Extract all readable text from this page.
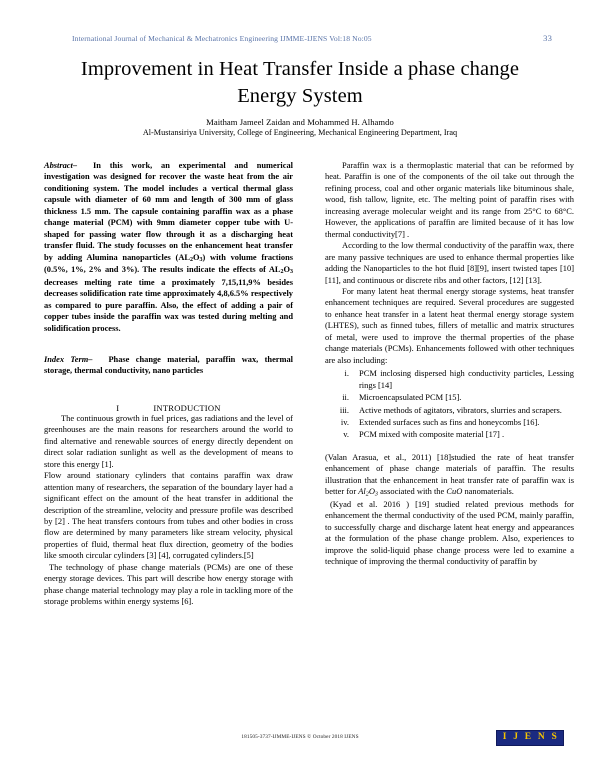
International Journal of Mechanical & Mechatronics Engineering IJMME-IJENS Vol:18 No:05	33
Improvement in Heat Transfer Inside a phase change
Energy System
Maitham Jameel Zaidan and Mohammed H. Alhamdo
Al-Mustansiriya University, College of Engineering, Mechanical Engineering Department, Iraq

Abstract– In this work, an experimental and numerical investigation was designed for recover the waste heat from the air conditioning system. The model includes a vertical thermal glass capsule with diameter of 60 mm and length of 300 mm of glass thickness 1.5 mm. The capsule containing paraffin wax as a phase change material (PCM) with 9mm diameter copper tube with U-shaped for passing water flow through it as a discharging heat transfer fluid. The study focusses on the enhancement heat transfer by adding Alumina nanoparticles $(AL_2O_3)$ with volume fractions (0.5%, 1%, 2% and 3%). The results indicate the effects of $AL_2O_3$ decreases melting rate time a proximately 7,15,11,9% besides decreases solidification rate time approximately 4,8,6.5% respectively as compared to pure paraffin. Also, the effect of adding a pair of copper tubes inside the paraffin wax was tested during melting and solidification process.

Index Term– Phase change material, paraffin wax, thermal storage, thermal conductivity, nano particles

I	INTRODUCTION

The continuous growth in fuel prices, gas radiations and the level of greenhouses are the main reasons for researchers around the world to find alternative and renewable sources of energy directly dependent on direct solar radiation sunlight as well as the development of means to store this energy [1].

Flow around stationary cylinders that contains paraffin wax draw attention many of researchers, the separation of the boundary layer had a significant effect on the amount of the heat transfer in additional the description of the streamline, velocity and pressure profile was described by [2] . The heat transfers contours from tubes and other bodies in cross flow are determined by many parameters like stream velocity, physical properties of fluid, thermal heat flux direction, geometry of the bodies like smooth circular cylinders [3] [4], corrugated cylinders.[5]

The technology of phase change materials (PCMs) are one of these energy storage devices. This part will describe how energy storage with phase change material technology may play a role in tackling more of the storage problems within energy systems [6].

Paraffin wax is a thermoplastic material that can be reformed by heat. Paraffin is one of the components of the oil take out through the refining process, coal and other organic materials like bituminous shale, wood, fish tallow, lignite, etc. The melting point of paraffin rises with increasing average molecular weight and its range from 25°C to 68°C. However, the applications of paraffin are limited because of it has low thermal conductivity[7] .

According to the low thermal conductivity of the paraffin wax, there are many passive techniques are used to enhance thermal properties like adding the Nanoparticles to the hot fluid [8][9], insert twisted tapes [10] [11], and continuous or discrete ribs and other factors, [12] [13].

For many latent heat thermal energy storage systems, heat transfer enhancement techniques are required. Several procedures are suggested to enhance heat transfer in a latent heat thermal energy storage system (LHTES), such as finned tubes, fillers of metallic and matrix structures of metal, were used to improve the thermal properties of the phase change materials (PCMs). Enhancements followed with other techniques are also including:

i.	PCM inclosing dispersed high conductivity particles, Lessing rings [14]
ii.	Microencapsulated PCM [15].
iii.	Active methods of agitators, vibrators, slurries and scrapers.
iv.	Extended surfaces such as fins and honeycombs [16].
v.	PCM mixed with composite material [17] .

(Valan Arasua, et al., 2011) [18]studied the rate of heat transfer enhancement of phase change materials of paraffin. The results illustration that the enhancement in heat transfer rate of paraffin wax is better for $Al_2O_3$ associated with the CuO nanomaterials.

(Kyad et al. 2016 ) [19] studied related previous methods for enhancement the thermal conductivity of the used PCM, mainly paraffin, to successfully charge and discharge latent heat energy and appearances at the formulation of the phase change problem. Also, experiences to improve the solid-liquid phase change process were led to examine a technique of improving the thermal conductivity of paraffin by

181505-3737-IJMME-IJENS © October 2018 IJENS	I J E N S
